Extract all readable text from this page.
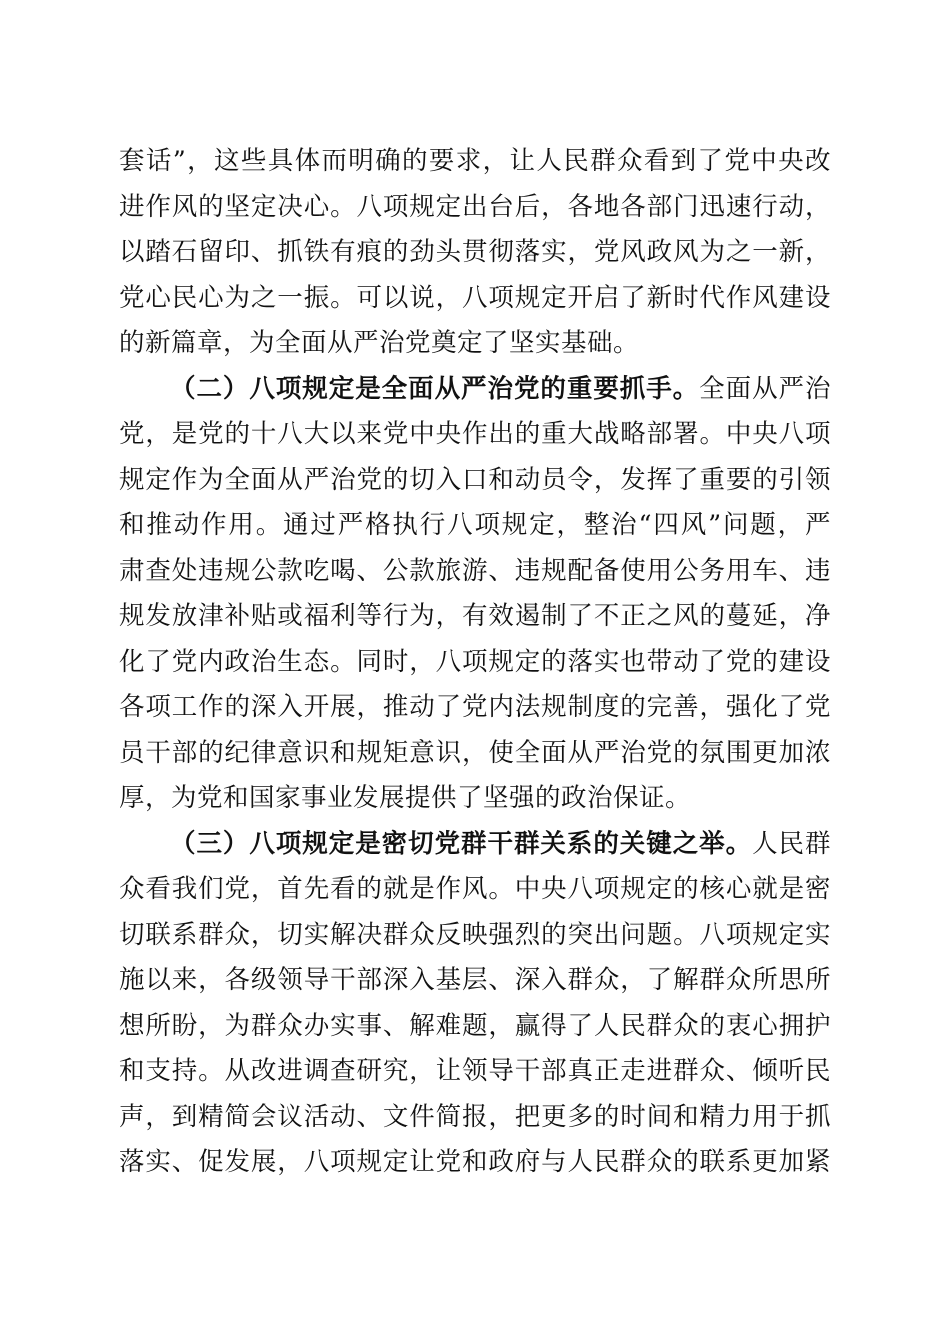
套话”，这些具体而明确的要求，让人民群众看到了党中央改
进作风的坚定决心。八项规定出台后，各地各部门迅速行动，
以踏石留印、抓铁有痕的劲头贯彻落实，党风政风为之一新，
党心民心为之一振。可以说，八项规定开启了新时代作风建设
的新篇章，为全面从严治党奠定了坚实基础。
（二）八项规定是全面从严治党的重要抓手。全面从严治
党，是党的十八大以来党中央作出的重大战略部署。中央八项
规定作为全面从严治党的切入口和动员令，发挥了重要的引领
和推动作用。通过严格执行八项规定，整治“四风”问题，严
肃查处违规公款吃喝、公款旅游、违规配备使用公务用车、违
规发放津补贴或福利等行为，有效遏制了不正之风的蔓延，净
化了党内政治生态。同时，八项规定的落实也带动了党的建设
各项工作的深入开展，推动了党内法规制度的完善，强化了党
员干部的纪律意识和规矩意识，使全面从严治党的氛围更加浓
厚，为党和国家事业发展提供了坚强的政治保证。
（三）八项规定是密切党群干群关系的关键之举。人民群
众看我们党，首先看的就是作风。中央八项规定的核心就是密
切联系群众，切实解决群众反映强烈的突出问题。八项规定实
施以来，各级领导干部深入基层、深入群众，了解群众所思所
想所盼，为群众办实事、解难题，赢得了人民群众的衷心拥护
和支持。从改进调查研究，让领导干部真正走进群众、倾听民
声，到精简会议活动、文件简报，把更多的时间和精力用于抓
落实、促发展，八项规定让党和政府与人民群众的联系更加紧
